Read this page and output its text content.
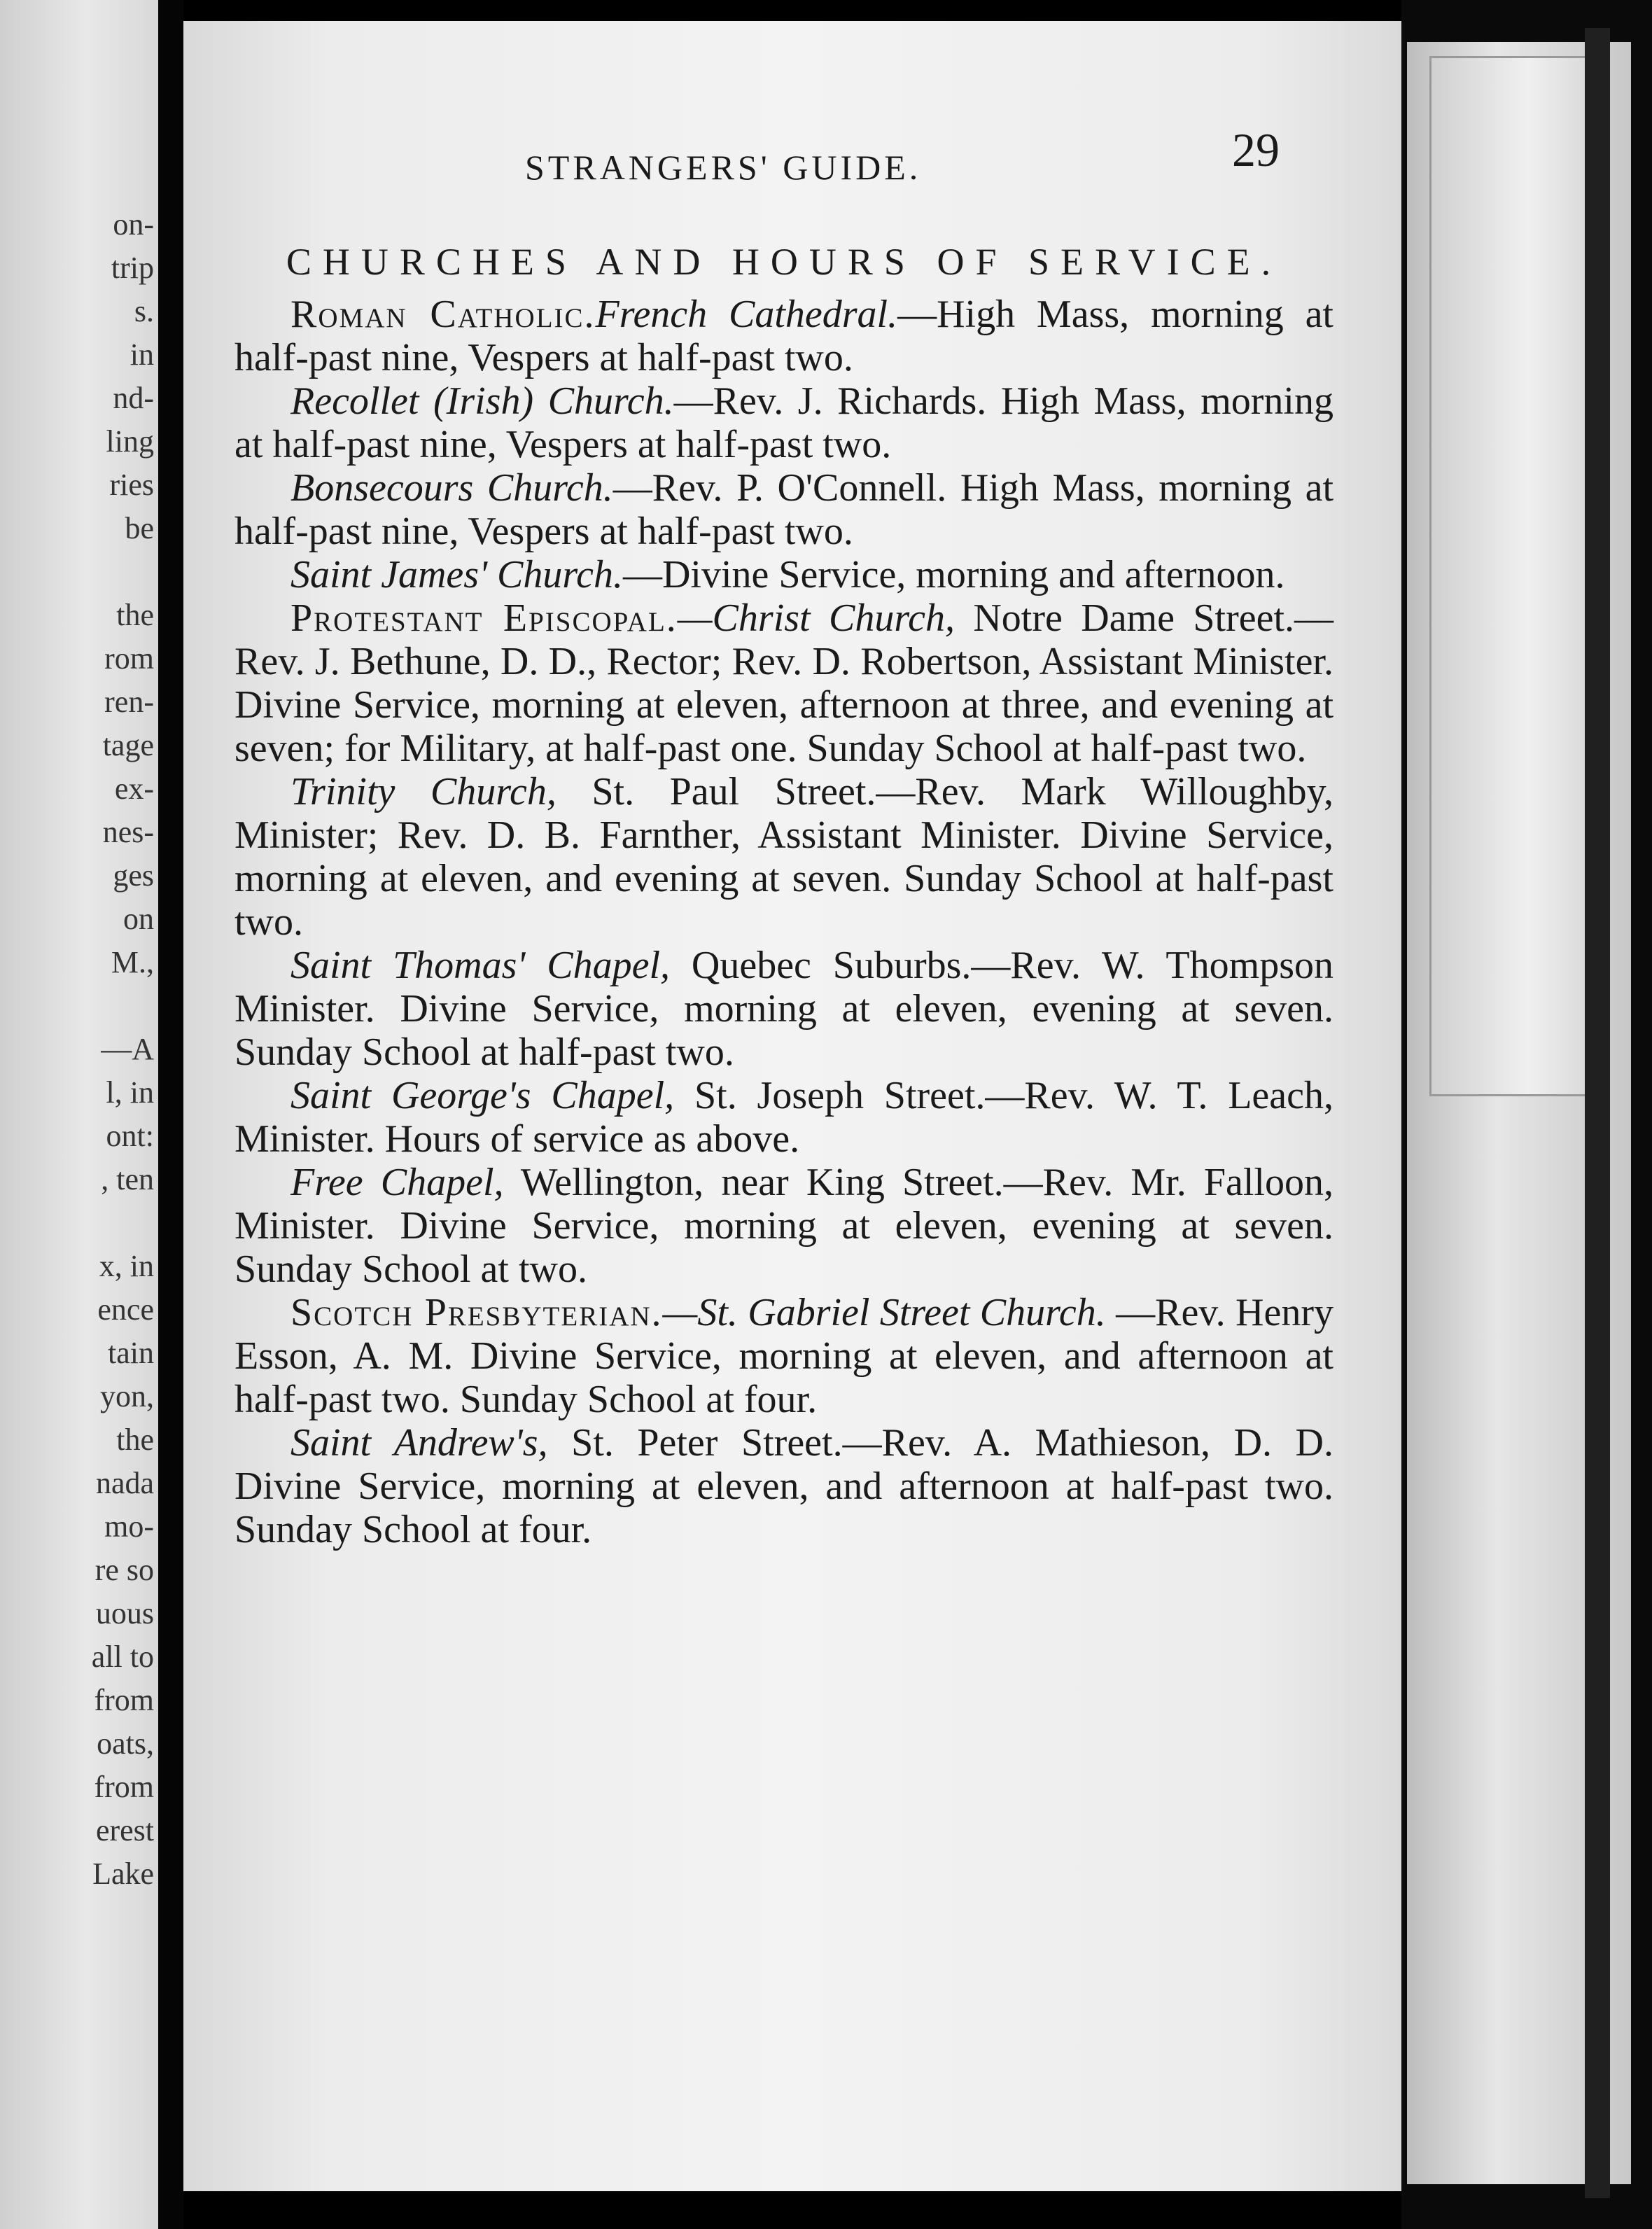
on-
trip
s.
in
nd-
ling
ries
be
the
rom
ren-
tage
ex-
nes-
ges
on
M.,
—A
l, in
ont:
, ten
x, in
ence
tain
yon,
the
nada
mo-
re so
uous
all to
from
oats,
from
erest
Lake
STRANGERS' GUIDE.	29
CHURCHES AND HOURS OF SERVICE.

Roman Catholic.French Cathedral.—High Mass, morning at half-past nine, Vespers at half-past two.

Recollet (Irish) Church.—Rev. J. Richards. High Mass, morning at half-past nine, Vespers at half-past two.

Bonsecours Church.—Rev. P. O'Connell. High Mass, morning at half-past nine, Vespers at half-past two.

Saint James' Church.—Divine Service, morning and afternoon.

Protestant Episcopal.—Christ Church, Notre Dame Street.—Rev. J. Bethune, D. D., Rector; Rev. D. Robertson, Assistant Minister. Divine Service, morning at eleven, afternoon at three, and evening at seven; for Military, at half-past one. Sunday School at half-past two.

Trinity Church, St. Paul Street.—Rev. Mark Willoughby, Minister; Rev. D. B. Farnther, Assistant Minister. Divine Service, morning at eleven, and evening at seven. Sunday School at half-past two.

Saint Thomas' Chapel, Quebec Suburbs.—Rev. W. Thompson Minister. Divine Service, morning at eleven, evening at seven. Sunday School at half-past two.

Saint George's Chapel, St. Joseph Street.—Rev. W. T. Leach, Minister. Hours of service as above.

Free Chapel, Wellington, near King Street.—Rev. Mr. Falloon, Minister. Divine Service, morning at eleven, evening at seven. Sunday School at two.

Scotch Presbyterian.—St. Gabriel Street Church. —Rev. Henry Esson, A. M. Divine Service, morning at eleven, and afternoon at half-past two. Sunday School at four.

Saint Andrew's, St. Peter Street.—Rev. A. Mathieson, D. D. Divine Service, morning at eleven, and afternoon at half-past two. Sunday School at four.
